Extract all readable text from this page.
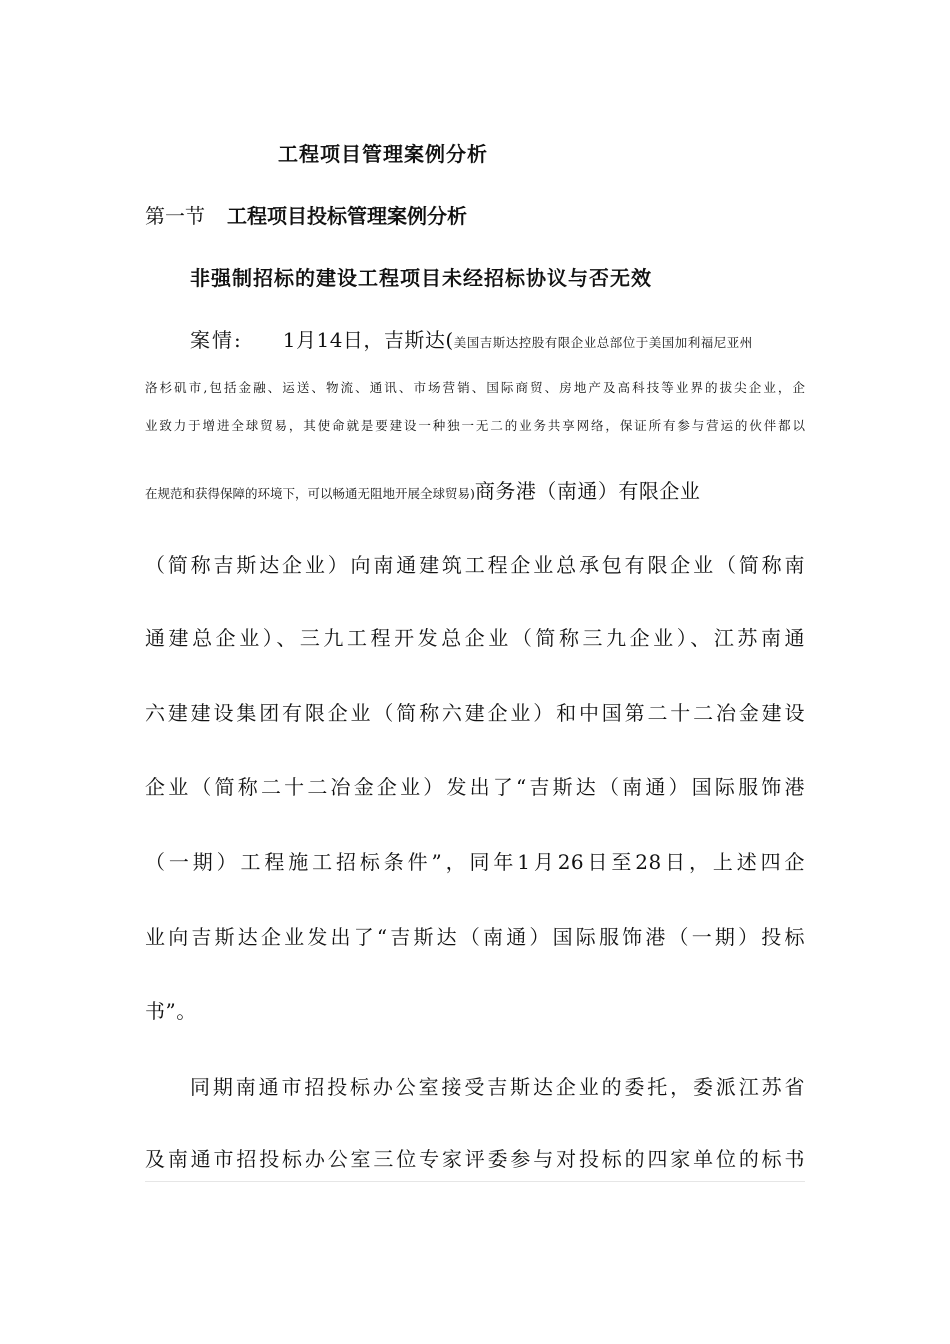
工程项目管理案例分析
第一节 工程项目投标管理案例分析
非强制招标的建设工程项目未经招标协议与否无效

案情: 1月14日，吉斯达(美国吉斯达控股有限企业总部位于美国加利福尼亚州

洛杉矶市,包括金融、运送、物流、通讯、市场营销、国际商贸、房地产及高科技等业界的拔尖企业，企

业致力于增进全球贸易，其使命就是要建设一种独一无二的业务共享网络，保证所有参与营运的伙伴都以

在规范和获得保障的环境下，可以畅通无阻地开展全球贸易)商务港（南通）有限企业

（简称吉斯达企业）向南通建筑工程企业总承包有限企业（简称南

通建总企业）、三九工程开发总企业（简称三九企业）、江苏南通

六建建设集团有限企业（简称六建企业）和中国第二十二冶金建设

企业（简称二十二冶金企业）发出了“吉斯达（南通）国际服饰港

（一期）工程施工招标条件”，同年1月26日至28日，上述四企

业向吉斯达企业发出了“吉斯达（南通）国际服饰港（一期）投标

书”。

同期南通市招投标办公室接受吉斯达企业的委托，委派江苏省

及南通市招投标办公室三位专家评委参与对投标的四家单位的标书
